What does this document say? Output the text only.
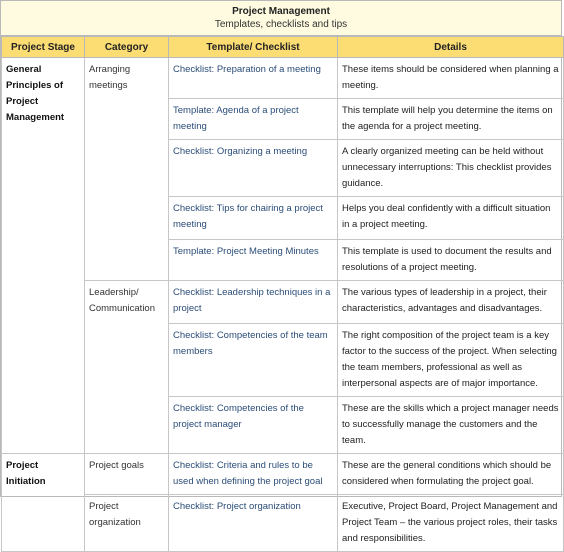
Project Management
Templates, checklists and tips
Project Stage	Category	Template/ Checklist	Details
General Principles of Project Management	Arranging meetings	Checklist: Preparation of a meeting	These items should be considered when planning a meeting.
		Template: Agenda of a project meeting	This template will help you determine the items on the agenda for a project meeting.
		Checklist: Organizing a meeting	A clearly organized meeting can be held without unnecessary interruptions: This checklist provides guidance.
		Checklist: Tips for chairing a project meeting	Helps you deal confidently with a difficult situation in a project meeting.
		Template: Project Meeting Minutes	This template is used to document the results and resolutions of a project meeting.
	Leadership/ Communication	Checklist: Leadership techniques in a project	The various types of leadership in a project, their characteristics, advantages and disadvantages.
		Checklist: Competencies of the team members	The right composition of the project team is a key factor to the success of the project. When selecting the team members, professional as well as interpersonal aspects are of major importance.
		Checklist: Competencies of the project manager	These are the skills which a project manager needs to successfully manage the customers and the team.
Project Initiation	Project goals	Checklist: Criteria and rules to be used when defining the project goal	These are the general conditions which should be considered when formulating the project goal.
	Project organization	Checklist: Project organization	Executive, Project Board, Project Management and Project Team – the various project roles, their tasks and responsibilities.
